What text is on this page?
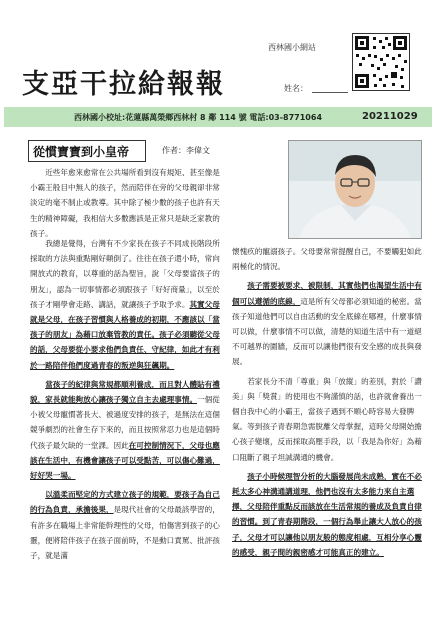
西林國小網站
支亞干拉給報報	姓名：
西林國小校址:花蓮縣萬榮鄉西林村 8 鄰 114 號 電話:03-8771064	20211029
從慣寶寶到小皇帝	作者：李偉文

近些年愈來愈常在公共場所看到沒有規矩、甚至像是小霸王般目中無人的孩子，然而陪伴在旁的父母親卻非常淡定的毫不制止或教導。其中除了極少數的孩子也許有天生的精神障礙，我相信大多數應該是正常只是缺乏家教的孩子。

我總是覺得，台灣有不少家長在孩子不同成長階段所採取的方法與重點剛好顛倒了。往往在孩子還小時，常向開放式的教育，以尊重的話為聖旨，說「父母要當孩子的朋友」，認為一切事情都必須跟孩子「好好商量」，以至於孩子才剛學會走路、講話，就讓孩子予取予求。其實父母就是父母，在孩子習慣與人格養成的初期，不應該以「當孩子的朋友」為藉口放棄管教的責任。孩子必須聽從父母的話，父母要從小要求他們負責任、守紀律，如此才有利於一路陪伴他們度過青春的叛逆與狂飆期。

當孩子的紀律與常規都順利養成，而且對人體貼有禮貌，家長就能夠放心讓孩子獨立自主去處理事情。一個從小被父母寵慣著長大、被過度安排的孩子，是無法在這個競爭劇烈的社會生存下來的，而且按照常忍力也是這個時代孩子最欠缺的一堂課。因此在可控制情況下，父母也應該在生活中，有機會讓孩子可以受點苦，可以傷心難過，好好哭一場。

以溫柔而堅定的方式建立孩子的規範，要孩子為自己的行為負責，承擔後果，是現代社會的父母最該學習的，有許多在職場上非常能幹理性的父母，怕傷害到孩子的心靈，便將陪伴孩子在孩子面前時，不是動口責罵、批評孩子，就是滿

懷愧疚的寵溺孩子。父母要常常提醒自己，不要觸犯如此兩極化的情況。

孩子需要被要求、被限制，其實他們也渴望生活中有個可以遵循的底線，這是所有父母都必須知道的秘密。當孩子知道他們可以自由活動的安全底線在哪裡，什麼事情可以做，什麼事情不可以做，清楚的知道生活中有一道絕不可越界的圍牆，反而可以讓他們很有安全感的成長與發展。

若家長分不清「尊重」與「放縱」的差別，對於「讚美」與「獎賞」的使用也不夠謹慎的話，也許就會養出一個自我中心的小霸王，當孩子遇到不順心時容易大發脾氣。等到孩子青春期急需脫離父母掌握，這時父母開始擔心孩子變壞，反而採取高壓手段，以「我是為你好」為藉口阻斷了親子坦誠溝通的機會。

孩子小時候理智分析的大腦發展尚未成熟，實在不必耗太多心神溝通講道理，他們也沒有太多能力來自主選擇，父母陪伴重點反而該放在生活常規的養成及負責自律的習慣。到了青春期階段，一個行為舉止讓大人放心的孩子，父母才可以讓他以朋友般的態度相處，互相分享心靈的感受，親子間的親密感才可能真正的建立。
